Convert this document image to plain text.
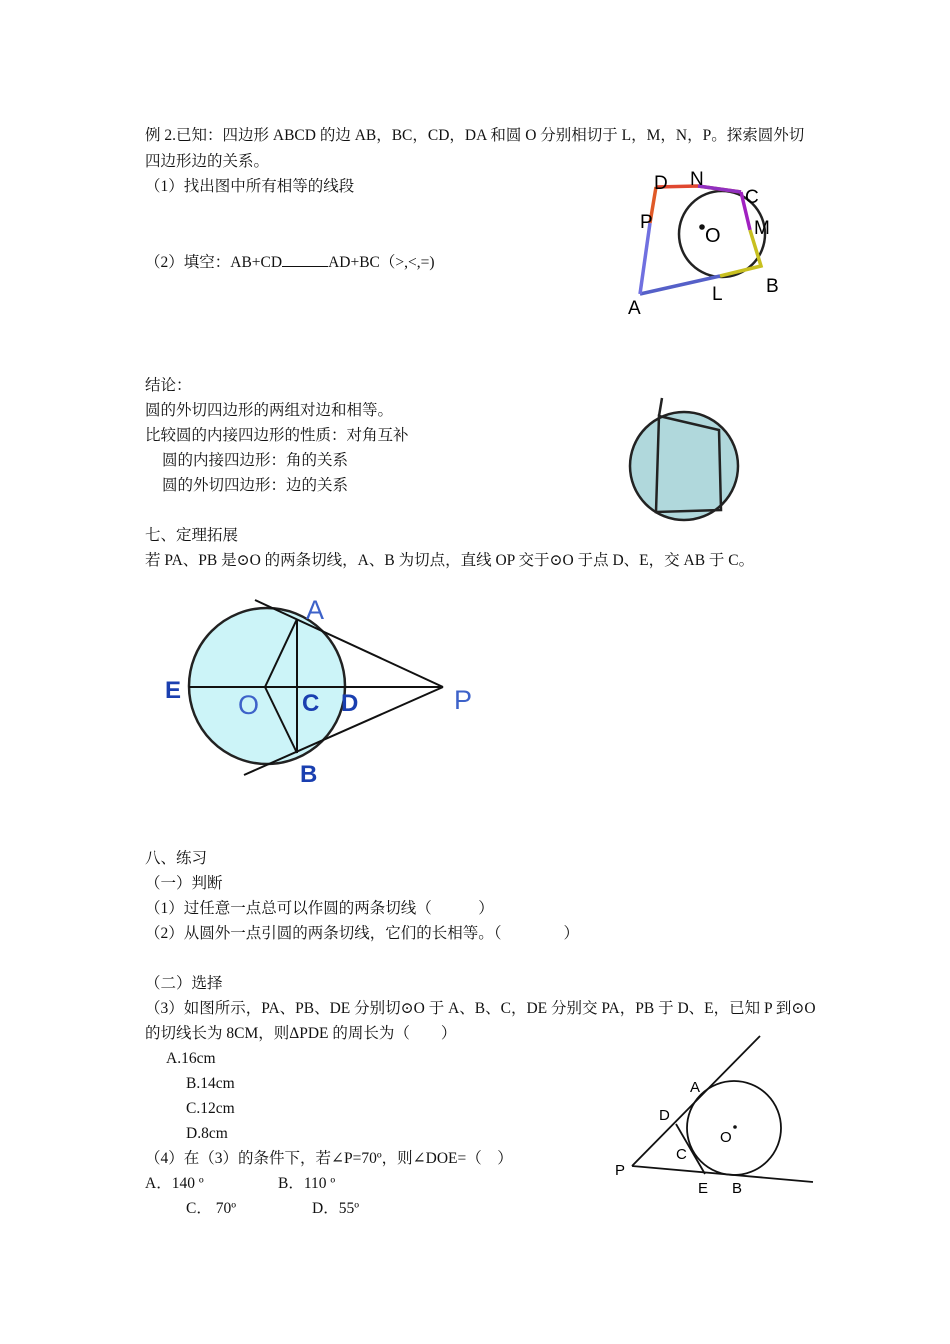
例 2.已知：四边形 ABCD 的边 AB，BC，CD，DA 和圆 O 分别相切于 L，M，N，P。探索圆外切
四边形边的关系。
（1）找出图中所有相等的线段
（2）填空：AB+CD	AD+BC（>,<,=)
D N
C
P
O M
A
L B
结论：
圆的外切四边形的两组对边和相等。
比较圆的内接四边形的性质：对角互补
圆的内接四边形：角的关系
圆的外切四边形：边的关系
七、定理拓展
若 PA、PB 是⊙O 的两条切线，A、B 为切点，直线 OP 交于⊙O 于点 D、E，交 AB 于 C。
A
E O C D	P
B
八、练习
（一）判断
（1）过任意一点总可以作圆的两条切线（　　　）
（2）从圆外一点引圆的两条切线，它们的长相等。（　　　　）
（二）选择
（3）如图所示，PA、PB、DE 分别切⊙O 于 A、B、C，DE 分别交 PA，PB 于 D、E，已知 P 到⊙O
的切线长为 8CM，则ΔPDE 的周长为（　　）
A.16cm
B.14cm
C.12cm
D.8cm
（4）在（3）的条件下，若∠P=70º，则∠DOE=（　）
A．140 º	B．110 º
C． 70º	D．55º
A
D
O
C
P
E B
